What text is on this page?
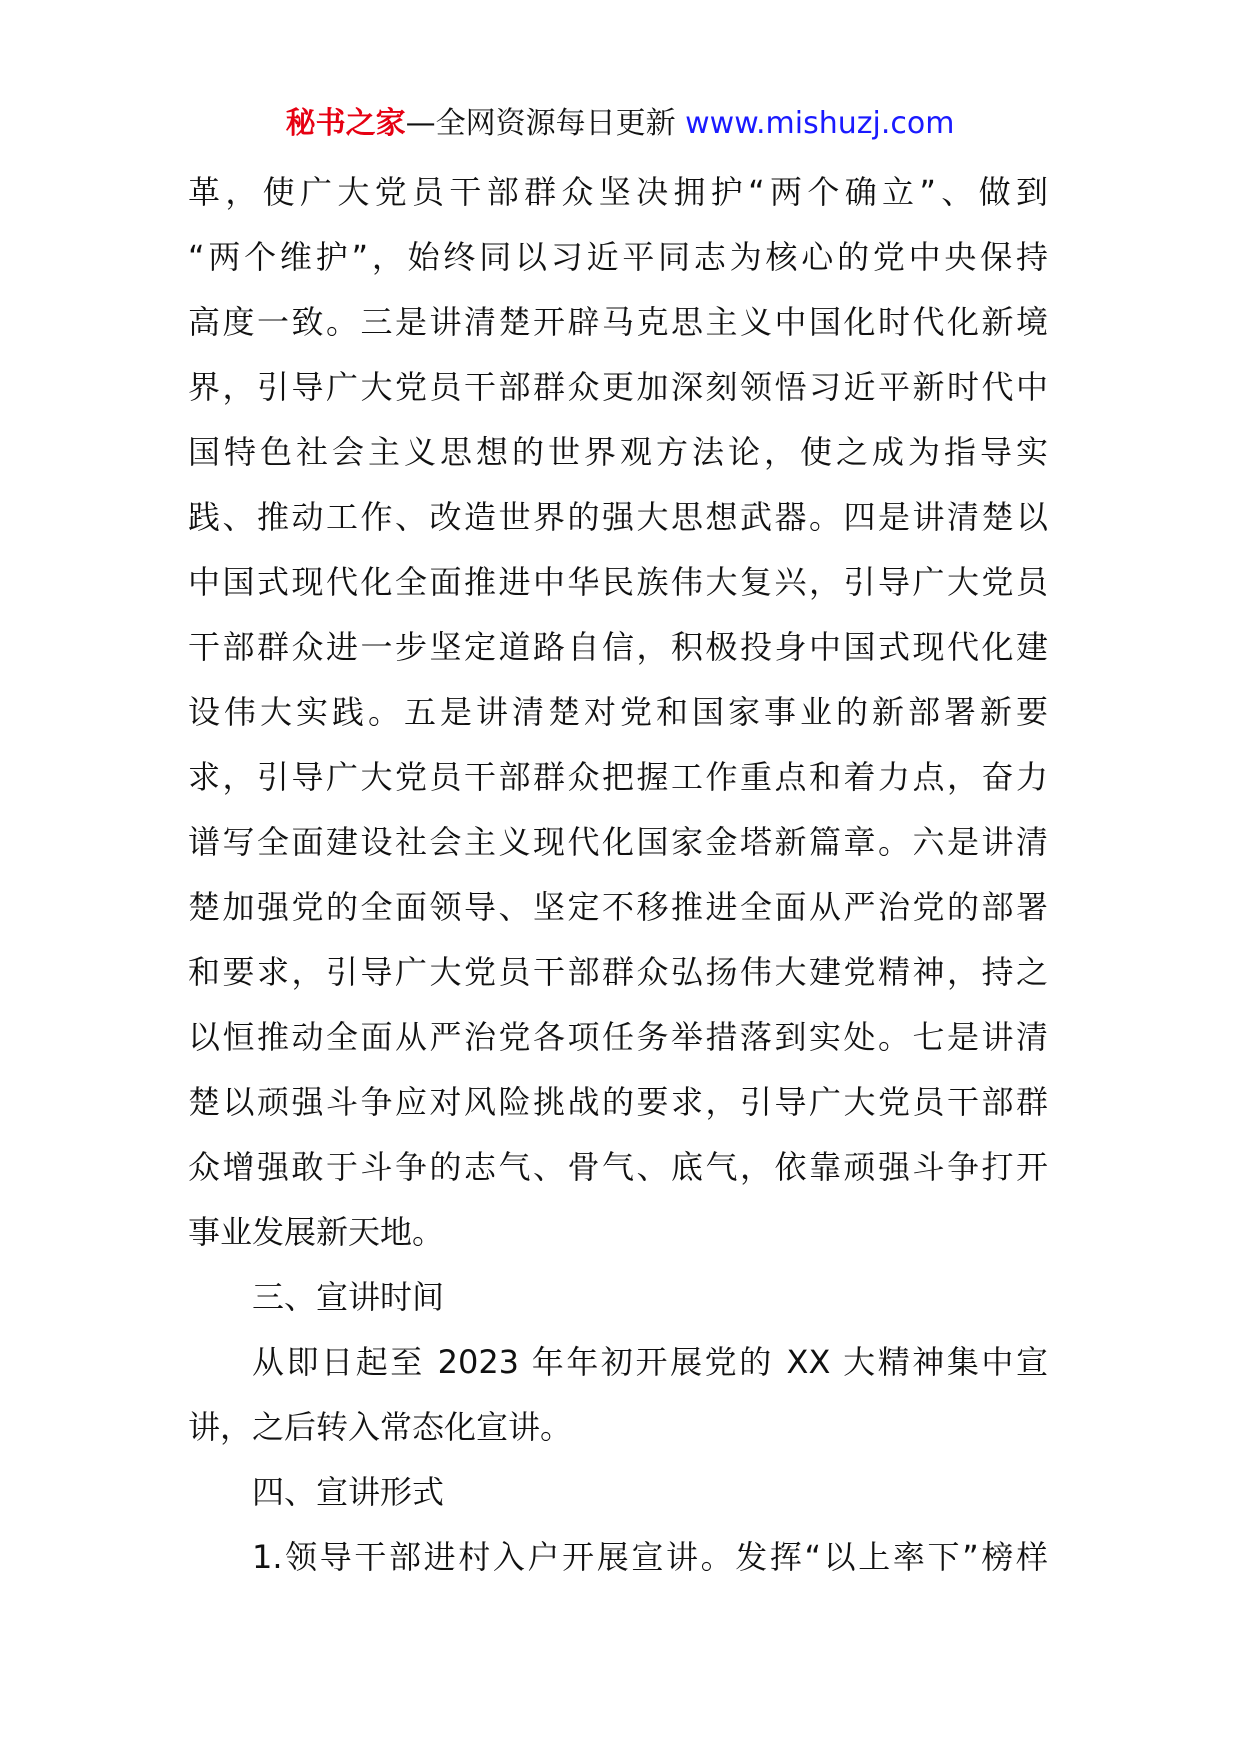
秘书之家—全网资源每日更新 www.mishuzj.com
革，使广大党员干部群众坚决拥护“两个确立”、做到
“两个维护”，始终同以习近平同志为核心的党中央保持
高度一致。三是讲清楚开辟马克思主义中国化时代化新境
界，引导广大党员干部群众更加深刻领悟习近平新时代中
国特色社会主义思想的世界观方法论，使之成为指导实
践、推动工作、改造世界的强大思想武器。四是讲清楚以
中国式现代化全面推进中华民族伟大复兴，引导广大党员
干部群众进一步坚定道路自信，积极投身中国式现代化建
设伟大实践。五是讲清楚对党和国家事业的新部署新要
求，引导广大党员干部群众把握工作重点和着力点，奋力
谱写全面建设社会主义现代化国家金塔新篇章。六是讲清
楚加强党的全面领导、坚定不移推进全面从严治党的部署
和要求，引导广大党员干部群众弘扬伟大建党精神，持之
以恒推动全面从严治党各项任务举措落到实处。七是讲清
楚以顽强斗争应对风险挑战的要求，引导广大党员干部群
众增强敢于斗争的志气、骨气、底气，依靠顽强斗争打开
事业发展新天地。
三、宣讲时间
从即日起至 2023 年年初开展党的 XX 大精神集中宣
讲，之后转入常态化宣讲。
四、宣讲形式
1.领导干部进村入户开展宣讲。发挥“以上率下”榜样
